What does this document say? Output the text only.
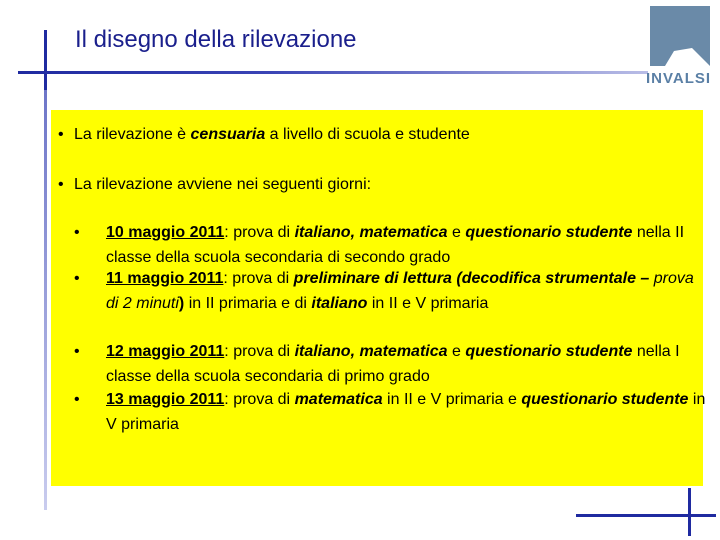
Il disegno della rilevazione
INVALSI
• La rilevazione è censuaria a livello di scuola e studente
• La rilevazione avviene nei seguenti giorni:
• 10 maggio 2011: prova di italiano, matematica e questionario studente nella II classe della scuola secondaria di secondo grado
• 11 maggio 2011: prova di preliminare di lettura (decodifica strumentale – prova di 2 minuti) in II primaria e di italiano in II e V primaria
• 12 maggio 2011: prova di italiano, matematica e questionario studente nella I classe della scuola secondaria di primo grado
• 13 maggio 2011: prova di matematica in II e V primaria e questionario studente in V primaria
